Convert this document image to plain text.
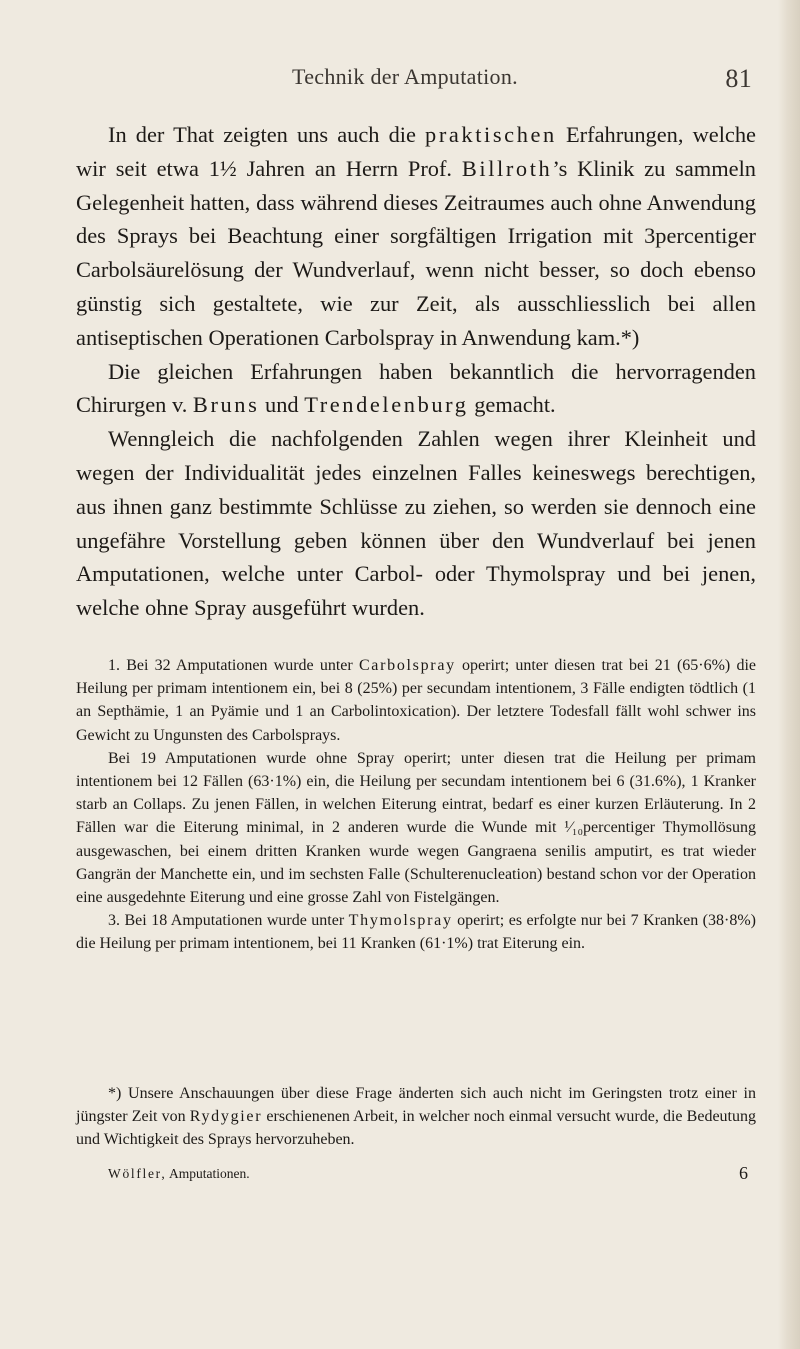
Technik der Amputation.	81

In der That zeigten uns auch die praktischen Erfahrungen, welche wir seit etwa 1½ Jahren an Herrn Prof. Billroth’s Klinik zu sammeln Gelegenheit hatten, dass während dieses Zeitraumes auch ohne Anwendung des Sprays bei Beachtung einer sorgfältigen Irrigation mit 3percentiger Carbolsäurelösung der Wundverlauf, wenn nicht besser, so doch ebenso günstig sich gestaltete, wie zur Zeit, als ausschliesslich bei allen antiseptischen Operationen Carbolspray in Anwendung kam.*)

Die gleichen Erfahrungen haben bekanntlich die hervorragenden Chirurgen v. Bruns und Trendelenburg gemacht.

Wenngleich die nachfolgenden Zahlen wegen ihrer Kleinheit und wegen der Individualität jedes einzelnen Falles keineswegs berechtigen, aus ihnen ganz bestimmte Schlüsse zu ziehen, so werden sie dennoch eine ungefähre Vorstellung geben können über den Wundverlauf bei jenen Amputationen, welche unter Carbol- oder Thymolspray und bei jenen, welche ohne Spray ausgeführt wurden.

1. Bei 32 Amputationen wurde unter Carbolspray operirt; unter diesen trat bei 21 (65·6%) die Heilung per primam intentionem ein, bei 8 (25%) per secundam intentionem, 3 Fälle endigten tödtlich (1 an Septhämie, 1 an Pyämie und 1 an Carbolintoxication). Der letztere Todesfall fällt wohl schwer ins Gewicht zu Ungunsten des Carbolsprays.

Bei 19 Amputationen wurde ohne Spray operirt; unter diesen trat die Heilung per primam intentionem bei 12 Fällen (63·1%) ein, die Heilung per secundam intentionem bei 6 (31.6%), 1 Kranker starb an Collaps. Zu jenen Fällen, in welchen Eiterung eintrat, bedarf es einer kurzen Erläuterung. In 2 Fällen war die Eiterung minimal, in 2 anderen wurde die Wunde mit ¹⁄₁₀percentiger Thymollösung ausgewaschen, bei einem dritten Kranken wurde wegen Gangraena senilis amputirt, es trat wieder Gangrän der Manchette ein, und im sechsten Falle (Schulterenucleation) bestand schon vor der Operation eine ausgedehnte Eiterung und eine grosse Zahl von Fistelgängen.

3. Bei 18 Amputationen wurde unter Thymolspray operirt; es erfolgte nur bei 7 Kranken (38·8%) die Heilung per primam intentionem, bei 11 Kranken (61·1%) trat Eiterung ein.

*) Unsere Anschauungen über diese Frage änderten sich auch nicht im Geringsten trotz einer in jüngster Zeit von Rydygier erschienenen Arbeit, in welcher noch einmal versucht wurde, die Bedeutung und Wichtigkeit des Sprays hervorzuheben.

Wölfler, Amputationen.	6
